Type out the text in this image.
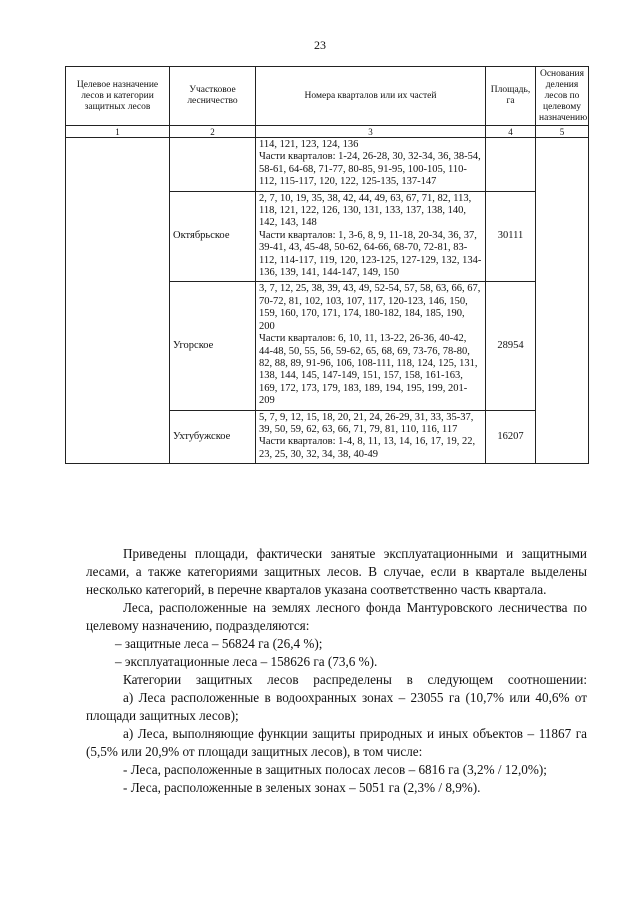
23
Целевое назначение лесов и категории защитных лесов	Участковое лесничество	Номера кварталов или их частей	Площадь, га	Основания деления лесов по целевому назначению
1	2	3	4	5

		114, 121, 123, 124, 136
Части кварталов: 1-24, 26-28, 30, 32-34, 36, 38-54, 58-61, 64-68, 71-77, 80-85, 91-95, 100-105, 110-112, 115-117, 120, 122, 125-135, 137-147		

	Октябрьское	2, 7, 10, 19, 35, 38, 42, 44, 49, 63, 67, 71, 82, 113, 118, 121, 122, 126, 130, 131, 133, 137, 138, 140, 142, 143, 148
Части кварталов: 1, 3-6, 8, 9, 11-18, 20-34, 36, 37, 39-41, 43, 45-48, 50-62, 64-66, 68-70, 72-81, 83-112, 114-117, 119, 120, 123-125, 127-129, 132, 134-136, 139, 141, 144-147, 149, 150	30111	
	Угорское	3, 7, 12, 25, 38, 39, 43, 49, 52-54, 57, 58, 63, 66, 67, 70-72, 81, 102, 103, 107, 117, 120-123, 146, 150, 159, 160, 170, 171, 174, 180-182, 184, 185, 190, 200
Части кварталов: 6, 10, 11, 13-22, 26-36, 40-42, 44-48, 50, 55, 56, 59-62, 65, 68, 69, 73-76, 78-80, 82, 88, 89, 91-96, 106, 108-111, 118, 124, 125, 131, 138, 144, 145, 147-149, 151, 157, 158, 161-163, 169, 172, 173, 179, 183, 189, 194, 195, 199, 201-209	28954	
	Ухтубужское	5, 7, 9, 12, 15, 18, 20, 21, 24, 26-29, 31, 33, 35-37, 39, 50, 59, 62, 63, 66, 71, 79, 81, 110, 116, 117
Части кварталов: 1-4, 8, 11, 13, 14, 16, 17, 19, 22, 23, 25, 30, 32, 34, 38, 40-49	16207	

Приведены площади, фактически занятые эксплуатационными и защитными лесами, а также категориями защитных лесов. В случае, если в квартале выделены несколько категорий, в перечне кварталов указана соответственно часть квартала.

Леса, расположенные на землях лесного фонда Мантуровского лесничества по целевому назначению, подразделяются:

– защитные леса – 56824 га (26,4 %);

– эксплуатационные леса – 158626 га (73,6 %).

Категории защитных лесов распределены в следующем соотношении:

а) Леса расположенные в водоохранных зонах – 23055 га (10,7% или 40,6% от площади защитных лесов);

а) Леса, выполняющие функции защиты природных и иных объектов – 11867 га (5,5% или 20,9% от площади защитных лесов), в том числе:

- Леса, расположенные в защитных полосах лесов – 6816 га (3,2% / 12,0%);

- Леса, расположенные в зеленых зонах – 5051 га (2,3% / 8,9%).
